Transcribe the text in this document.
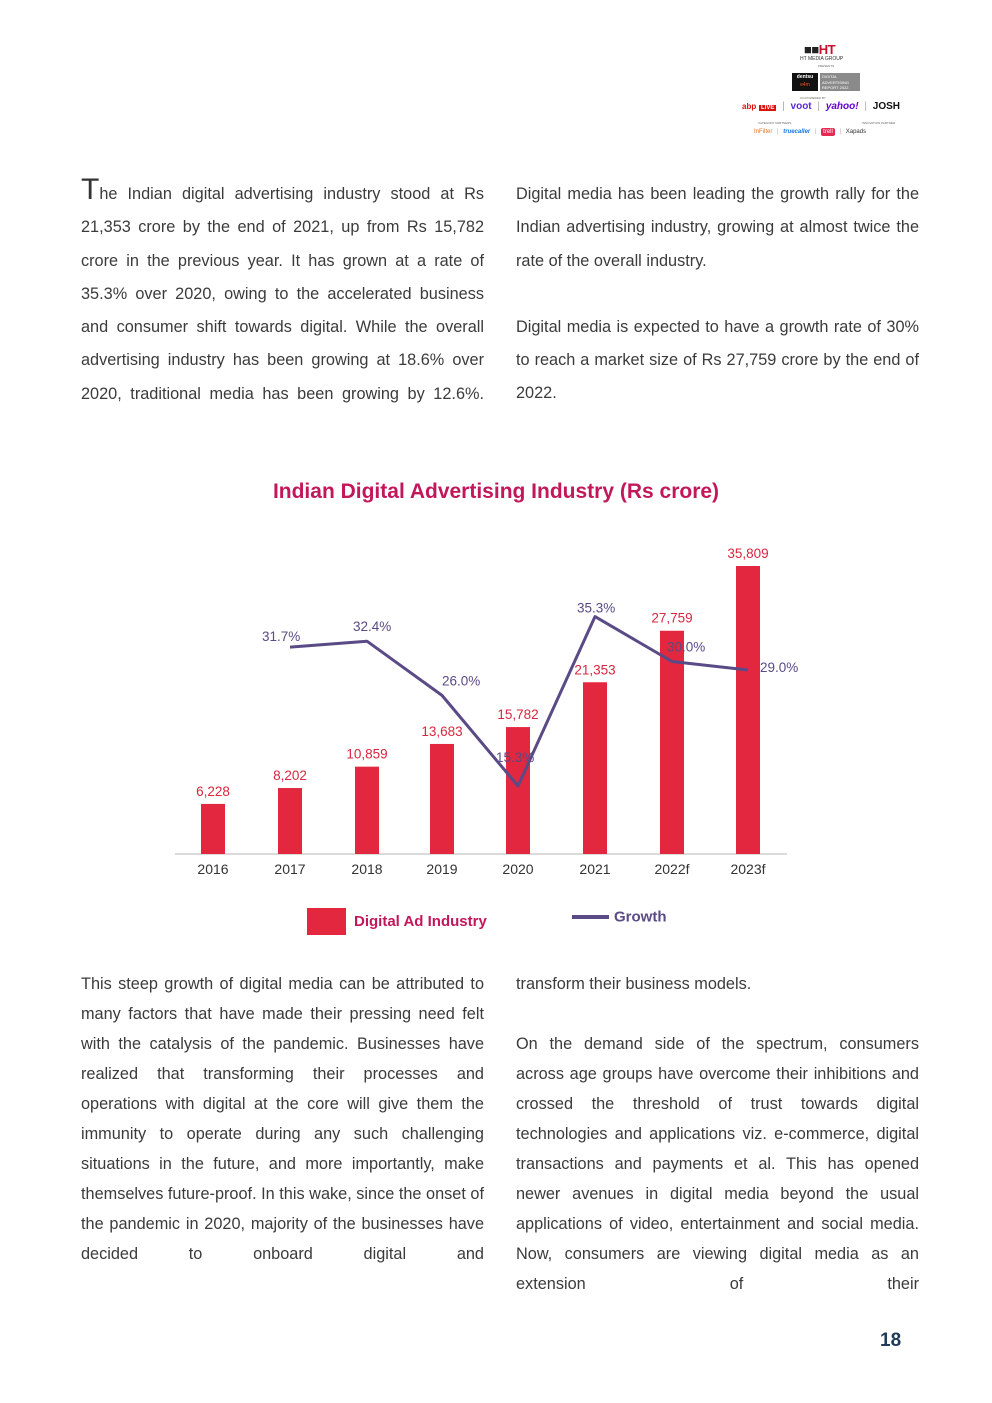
■■HT
HT MEDIA GROUP
PRESENTS
dentsu
e4m
DIGITAL ADVERTISING REPORT 2022
CO-POWERED BY
abp LIVE | voot | yahoo! | JOSH
CATEGORY PARTNERS	INNOVATION PARTNER
InFilter | truecaller | trell | Xapads

The Indian digital advertising industry stood at Rs 21,353 crore by the end of 2021, up from Rs 15,782 crore in the previous year. It has grown at a rate of 35.3% over 2020, owing to the accelerated business and consumer shift towards digital. While the overall advertising industry has been growing at 18.6% over 2020, traditional media has been growing by 12.6%.

Digital media has been leading the growth rally for the Indian advertising industry, growing at almost twice the rate of the overall industry.

Digital media is expected to have a growth rate of 30% to reach a market size of Rs 27,759 crore by the end of 2022.

Indian Digital Advertising Industry (Rs crore)
6,228
2016
8,202
2017
10,859
2018
13,683
2019
15,782
2020
21,353
2021
27,759
2022f
35,809
2023f
31.7%
32.4%
26.0%
15.3%
35.3%
30.0%
29.0%
Digital Ad Industry	Growth

This steep growth of digital media can be attributed to many factors that have made their pressing need felt with the catalysis of the pandemic. Businesses have realized that transforming their processes and operations with digital at the core will give them the immunity to operate during any such challenging situations in the future, and more importantly, make themselves future-proof. In this wake, since the onset of the pandemic in 2020, majority of the businesses have decided to onboard digital and

transform their business models.

On the demand side of the spectrum, consumers across age groups have overcome their inhibitions and crossed the threshold of trust towards digital technologies and applications viz. e-commerce, digital transactions and payments et al. This has opened newer avenues in digital media beyond the usual applications of video, entertainment and social media. Now, consumers are viewing digital media as an extension of their

18
